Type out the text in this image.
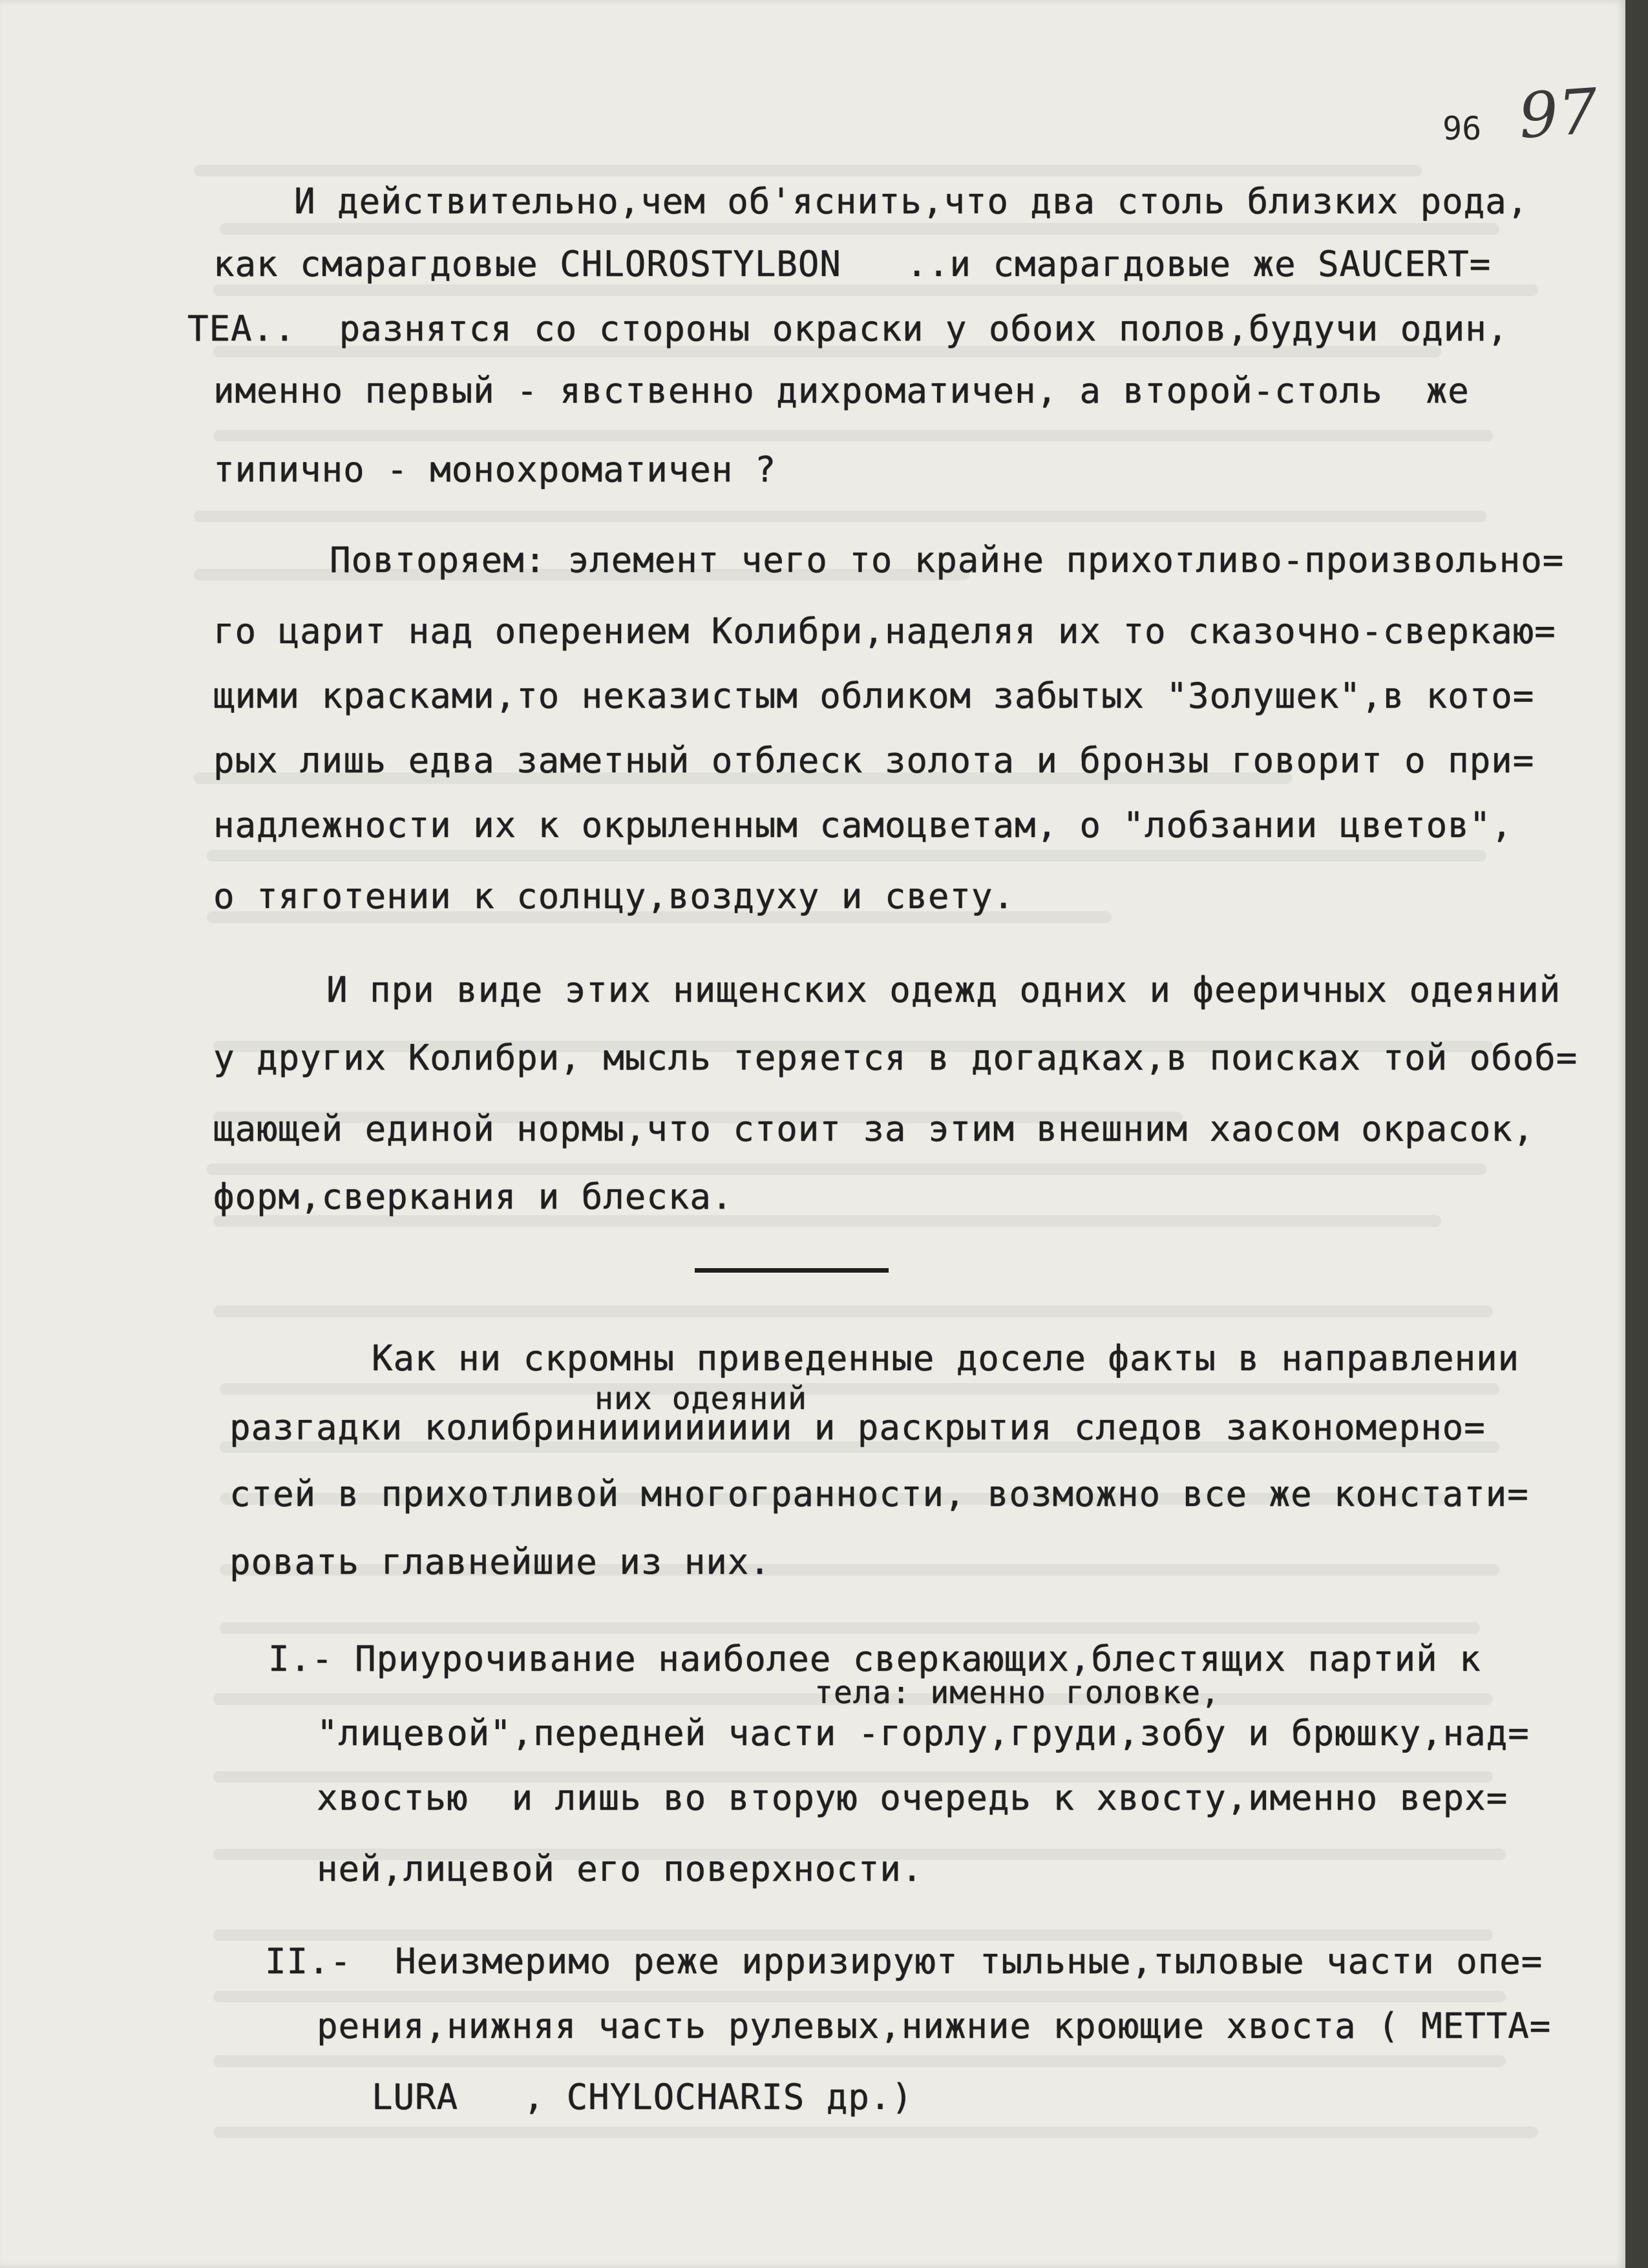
96 97
И действительно,чем об'яснить,что два столь близких рода,
как смарагдовые CHLOROSTYLBON   ..и смарагдовые же SAUCERT=
TEA..  разнятся со стороны окраски у обоих полов,будучи один,
именно первый - явственно дихроматичен, а второй-столь  же
типично - монохроматичен ?
Повторяем: элемент чего то крайне прихотливо-произвольно=
го царит над оперением Колибри,наделяя их то сказочно-сверкаю=
щими красками,то неказистым обликом забытых "Золушек",в кото=
рых лишь едва заметный отблеск золота и бронзы говорит о при=
надлежности их к окрыленным самоцветам, о "лобзании цветов",
о тяготении к солнцу,воздуху и свету.
И при виде этих нищенских одежд одних и фееричных одеяний
у других Колибри, мысль теряется в догадках,в поисках той обоб=
щающей единой нормы,что стоит за этим внешним хаосом окрасок,
форм,сверкания и блеска.
Как ни скромны приведенные доселе факты в направлении
них одеяний
разгадки колибриниииииииии и раскрытия следов закономерно=
стей в прихотливой многогранности, возможно все же констати=
ровать главнейшие из них.
I.- Приурочивание наиболее сверкающих,блестящих партий к
тела: именно головке,
"лицевой",передней части -горлу,груди,зобу и брюшку,над=
хвостью  и лишь во вторую очередь к хвосту,именно верх=
ней,лицевой его поверхности.
II.-  Неизмеримо реже ирризируют тыльные,тыловые части опе=
рения,нижняя часть рулевых,нижние кроющие хвоста ( METTA=
LURA   , CHYLOCHARIS др.)
